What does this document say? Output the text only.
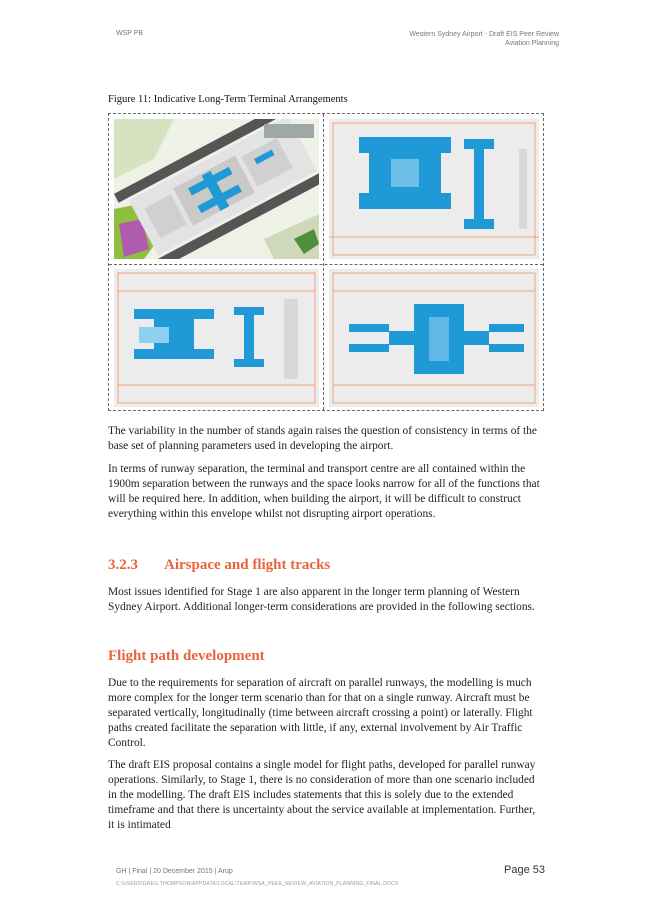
WSP PB	Western Sydney Airport - Draft EIS Peer Review
Aviation Planning
Figure 11: Indicative Long-Term Terminal Arrangements

The variability in the number of stands again raises the question of consistency in terms of the base set of planning parameters used in developing the airport.

In terms of runway separation, the terminal and transport centre are all contained within the 1900m separation between the runways and the space looks narrow for all of the functions that will be required here. In addition, when building the airport, it will be difficult to construct everything within this envelope whilst not disrupting airport operations.

3.2.3 Airspace and flight tracks

Most issues identified for Stage 1 are also apparent in the longer term planning of Western Sydney Airport. Additional longer-term considerations are provided in the following sections.

Flight path development

Due to the requirements for separation of aircraft on parallel runways, the modelling is much more complex for the longer term scenario than for that on a single runway. Aircraft must be separated vertically, longitudinally (time between aircraft crossing a point) or laterally. Flight paths created facilitate the separation with little, if any, external involvement by Air Traffic Control.

The draft EIS proposal contains a single model for flight paths, developed for parallel runway operations. Similarly, to Stage 1, there is no consideration of more than one scenario included in the modelling. The draft EIS includes statements that this is solely due to the extended timeframe and that there is uncertainty about the service available at implementation. Further, it is intimated

GH | Final | 20 December 2015 | Arup
C:\USERS\GREG.THOMPSON\APPDATA\LOCAL\TEMP\WSA_PEER_REVIEW_AVIATION_PLANNING_FINAL.DOCX
Page 53
